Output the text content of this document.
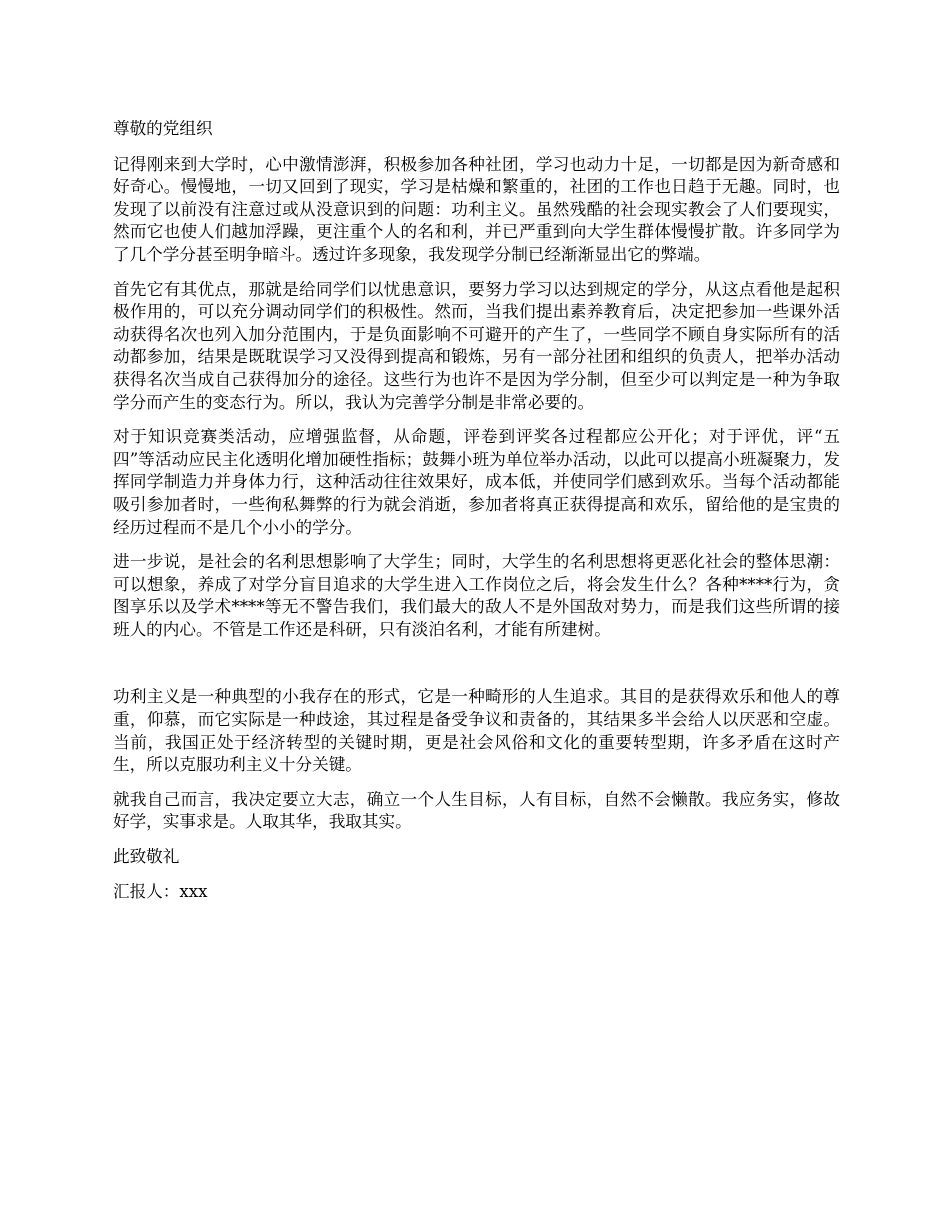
尊敬的党组织

记得刚来到大学时，心中激情澎湃，积极参加各种社团，学习也动力十足，一切都是因为新奇感和好奇心。慢慢地，一切又回到了现实，学习是枯燥和繁重的，社团的工作也日趋于无趣。同时，也发现了以前没有注意过或从没意识到的问题：功利主义。虽然残酷的社会现实教会了人们要现实，然而它也使人们越加浮躁，更注重个人的名和利，并已严重到向大学生群体慢慢扩散。许多同学为了几个学分甚至明争暗斗。透过许多现象，我发现学分制已经渐渐显出它的弊端。

首先它有其优点，那就是给同学们以忧患意识，要努力学习以达到规定的学分，从这点看他是起积极作用的，可以充分调动同学们的积极性。然而，当我们提出素养教育后，决定把参加一些课外活动获得名次也列入加分范围内，于是负面影响不可避开的产生了，一些同学不顾自身实际所有的活动都参加，结果是既耽误学习又没得到提高和锻炼，另有一部分社团和组织的负责人，把举办活动获得名次当成自己获得加分的途径。这些行为也许不是因为学分制，但至少可以判定是一种为争取学分而产生的变态行为。所以，我认为完善学分制是非常必要的。

对于知识竞赛类活动，应增强监督，从命题，评卷到评奖各过程都应公开化；对于评优，评“五四”等活动应民主化透明化增加硬性指标；鼓舞小班为单位举办活动，以此可以提高小班凝聚力，发挥同学制造力并身体力行，这种活动往往效果好，成本低，并使同学们感到欢乐。当每个活动都能吸引参加者时，一些徇私舞弊的行为就会消逝，参加者将真正获得提高和欢乐，留给他的是宝贵的经历过程而不是几个小小的学分。

进一步说，是社会的名利思想影响了大学生；同时，大学生的名利思想将更恶化社会的整体思潮：可以想象，养成了对学分盲目追求的大学生进入工作岗位之后，将会发生什么？各种****行为，贪图享乐以及学术****等无不警告我们，我们最大的敌人不是外国敌对势力，而是我们这些所谓的接班人的内心。不管是工作还是科研，只有淡泊名利，才能有所建树。

功利主义是一种典型的小我存在的形式，它是一种畸形的人生追求。其目的是获得欢乐和他人的尊重，仰慕，而它实际是一种歧途，其过程是备受争议和责备的，其结果多半会给人以厌恶和空虚。当前，我国正处于经济转型的关键时期，更是社会风俗和文化的重要转型期，许多矛盾在这时产生，所以克服功利主义十分关键。

就我自己而言，我决定要立大志，确立一个人生目标，人有目标，自然不会懒散。我应务实，修故好学，实事求是。人取其华，我取其实。

此致敬礼

汇报人：xxx
